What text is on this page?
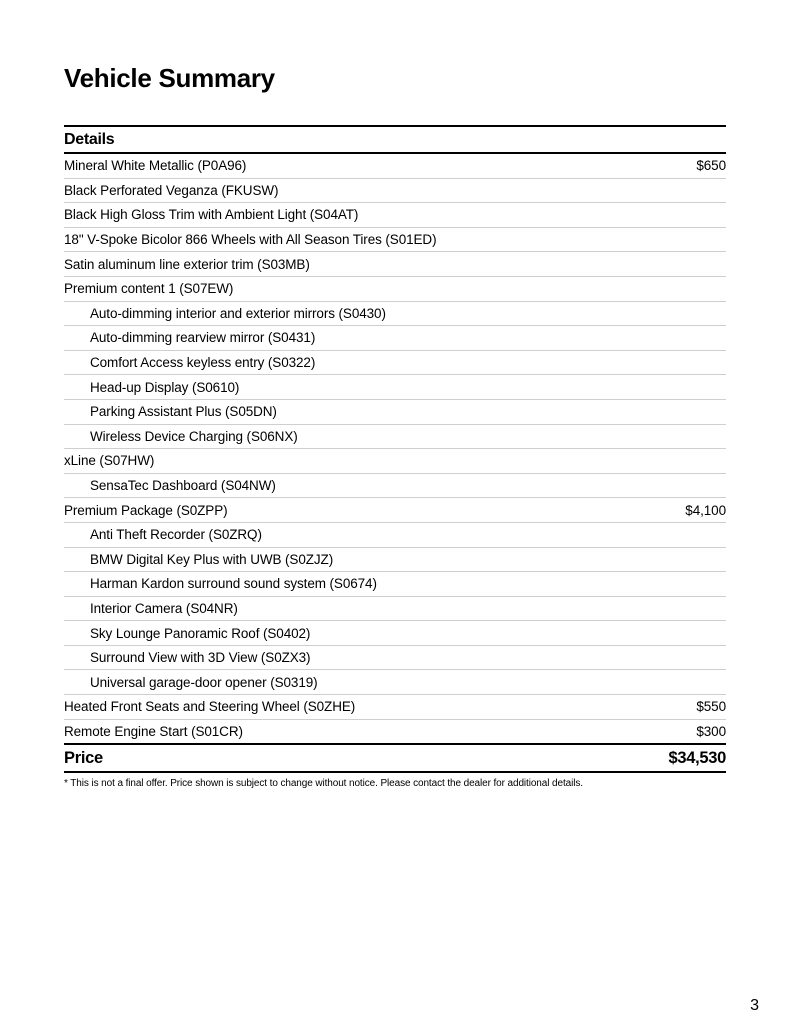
Vehicle Summary
Details
Mineral White Metallic (P0A96)	$650
Black Perforated Veganza (FKUSW)
Black High Gloss Trim with Ambient Light (S04AT)
18" V-Spoke Bicolor 866 Wheels with All Season Tires (S01ED)
Satin aluminum line exterior trim (S03MB)
Premium content 1 (S07EW)
Auto-dimming interior and exterior mirrors (S0430)
Auto-dimming rearview mirror (S0431)
Comfort Access keyless entry (S0322)
Head-up Display (S0610)
Parking Assistant Plus (S05DN)
Wireless Device Charging (S06NX)
xLine (S07HW)
SensaTec Dashboard (S04NW)
Premium Package (S0ZPP)	$4,100
Anti Theft Recorder (S0ZRQ)
BMW Digital Key Plus with UWB (S0ZJZ)
Harman Kardon surround sound system (S0674)
Interior Camera (S04NR)
Sky Lounge Panoramic Roof (S0402)
Surround View with 3D View (S0ZX3)
Universal garage-door opener (S0319)
Heated Front Seats and Steering Wheel (S0ZHE)	$550
Remote Engine Start (S01CR)	$300
Price	$34,530
* This is not a final offer. Price shown is subject to change without notice. Please contact the dealer for additional details.
3
